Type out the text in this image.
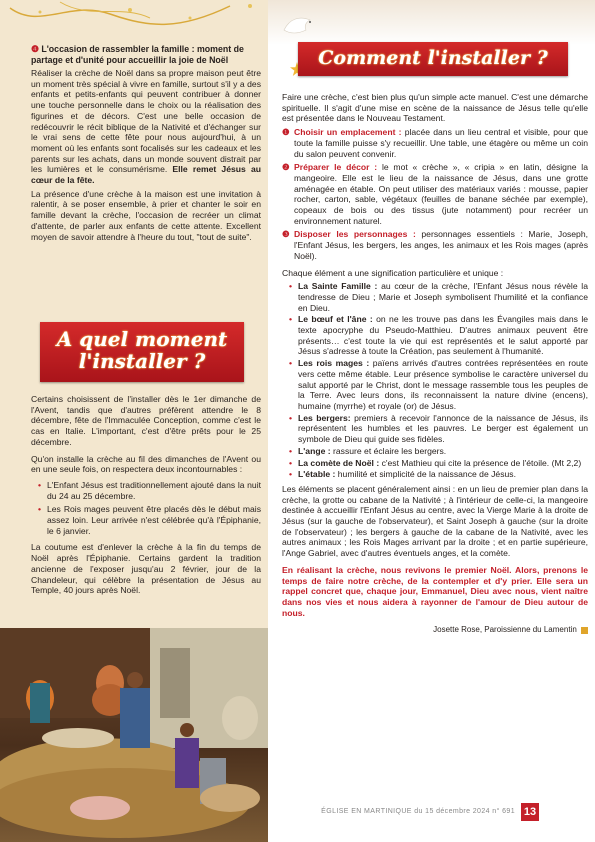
❹ L'occasion de rassembler la famille : moment de partage et d'unité pour accueillir la joie de Noël

Réaliser la crèche de Noël dans sa propre maison peut être un moment très spécial à vivre en famille, surtout s'il y a des enfants et petits-enfants qui peuvent contribuer à donner une touche personnelle dans le choix ou la réalisation des figurines et de décors. C'est une belle occasion de redécouvrir le récit biblique de la Nativité et d'échanger sur le vrai sens de cette fête pour nous aujourd'hui, à un moment où les enfants sont focalisés sur les cadeaux et les parents sur les achats, dans un monde souvent distrait par les lumières et le consumérisme. Elle remet Jésus au cœur de la fête.

La présence d'une crèche à la maison est une invitation à ralentir, à se poser ensemble, à prier et chanter le soir en famille devant la crèche, l'occasion de recréer un climat d'attente, de parler aux enfants de cette attente. Excellent moyen de savoir attendre à l'heure du tout, "tout de suite".

A quel moment
l'installer ?

Certains choisissent de l'installer dès le 1er dimanche de l'Avent, tandis que d'autres préfèrent attendre le 8 décembre, fête de l'Immaculée Conception, comme c'est le cas en Italie. L'important, c'est d'être prêts pour le 25 décembre.

Qu'on installe la crèche au fil des dimanches de l'Avent ou en une seule fois, on respectera deux incontournables :

• L'Enfant Jésus est traditionnellement ajouté dans la nuit du 24 au 25 décembre.
• Les Rois mages peuvent être placés dès le début mais assez loin. Leur arrivée n'est célébrée qu'à l'Épiphanie, le 6 janvier.

La coutume est d'enlever la crèche à la fin du temps de Noël après l'Épiphanie. Certains gardent la tradition ancienne de l'exposer jusqu'au 2 février, jour de la Chandeleur, qui célèbre la présentation de Jésus au Temple, 40 jours après Noël.

Comment l'installer ?

Faire une crèche, c'est bien plus qu'un simple acte manuel. C'est une démarche spirituelle. Il s'agit d'une mise en scène de la naissance de Jésus telle qu'elle est présentée dans le Nouveau Testament.

❶ Choisir un emplacement : placée dans un lieu central et visible, pour que toute la famille puisse s'y recueillir. Une table, une étagère ou même un coin du salon peuvent convenir.
❷ Préparer le décor : le mot « crèche », « cripia » en latin, désigne la mangeoire. Elle est le lieu de la naissance de Jésus, dans une grotte aménagée en étable. On peut utiliser des matériaux variés : mousse, papier rocher, carton, sable, végétaux (feuilles de banane séchée par exemple), copeaux de bois ou des tissus (jute notamment) pour recréer un environnement naturel.
❸ Disposer les personnages : personnages essentiels : Marie, Joseph, l'Enfant Jésus, les bergers, les anges, les animaux et les Rois mages (après Noël).

Chaque élément a une signification particulière et unique :

• La Sainte Famille : au cœur de la crèche, l'Enfant Jésus nous révèle la tendresse de Dieu ; Marie et Joseph symbolisent l'humilité et la confiance en Dieu.
• Le bœuf et l'âne : on ne les trouve pas dans les Évangiles mais dans le texte apocryphe du Pseudo-Matthieu. D'autres animaux peuvent être présents… c'est toute la vie qui est représentés et le salut apporté par Jésus s'adresse à toute la Création, pas seulement à l'humanité.
• Les rois mages : païens arrivés d'autres contrées représentées en route vers cette même étable. Leur présence symbolise le caractère universel du salut apporté par le Christ, dont le message rassemble tous les peuples de la Terre. Avec leurs dons, ils reconnaissent la nature divine (encens), humaine (myrrhe) et royale (or) de Jésus.
• Les bergers: premiers à recevoir l'annonce de la naissance de Jésus, ils représentent les humbles et les pauvres. Le berger est également un symbole de Dieu qui guide ses fidèles.
• L'ange : rassure et éclaire les bergers.
• La comète de Noël : c'est Mathieu qui cite la présence de l'étoile. (Mt 2,2)
• L'étable : humilité et simplicité de la naissance de Jésus.

Les éléments se placent généralement ainsi : en un lieu de premier plan dans la crèche, la grotte ou cabane de la Nativité ; à l'intérieur de celle-ci, la mangeoire destinée à accueillir l'Enfant Jésus au centre, avec la Vierge Marie à la droite de Jésus (sur la gauche de l'observateur), et Saint Joseph à gauche (sur la droite de l'observateur) ; les bergers à gauche de la cabane de la Nativité, avec les autres animaux ; les Rois Mages arrivant par la droite ; et en partie supérieure, l'Ange Gabriel, avec d'autres éventuels anges, et la comète.

En réalisant la crèche, nous revivons le premier Noël. Alors, prenons le temps de faire notre crèche, de la contempler et d'y prier. Elle sera un rappel concret que, chaque jour, Emmanuel, Dieu avec nous, vient naître dans nos vies et nous aidera à rayonner de l'amour de Dieu autour de nous.

Josette Rose, Paroissienne du Lamentin

ÉGLISE EN MARTINIQUE du 15 décembre 2024 n° 691 13
